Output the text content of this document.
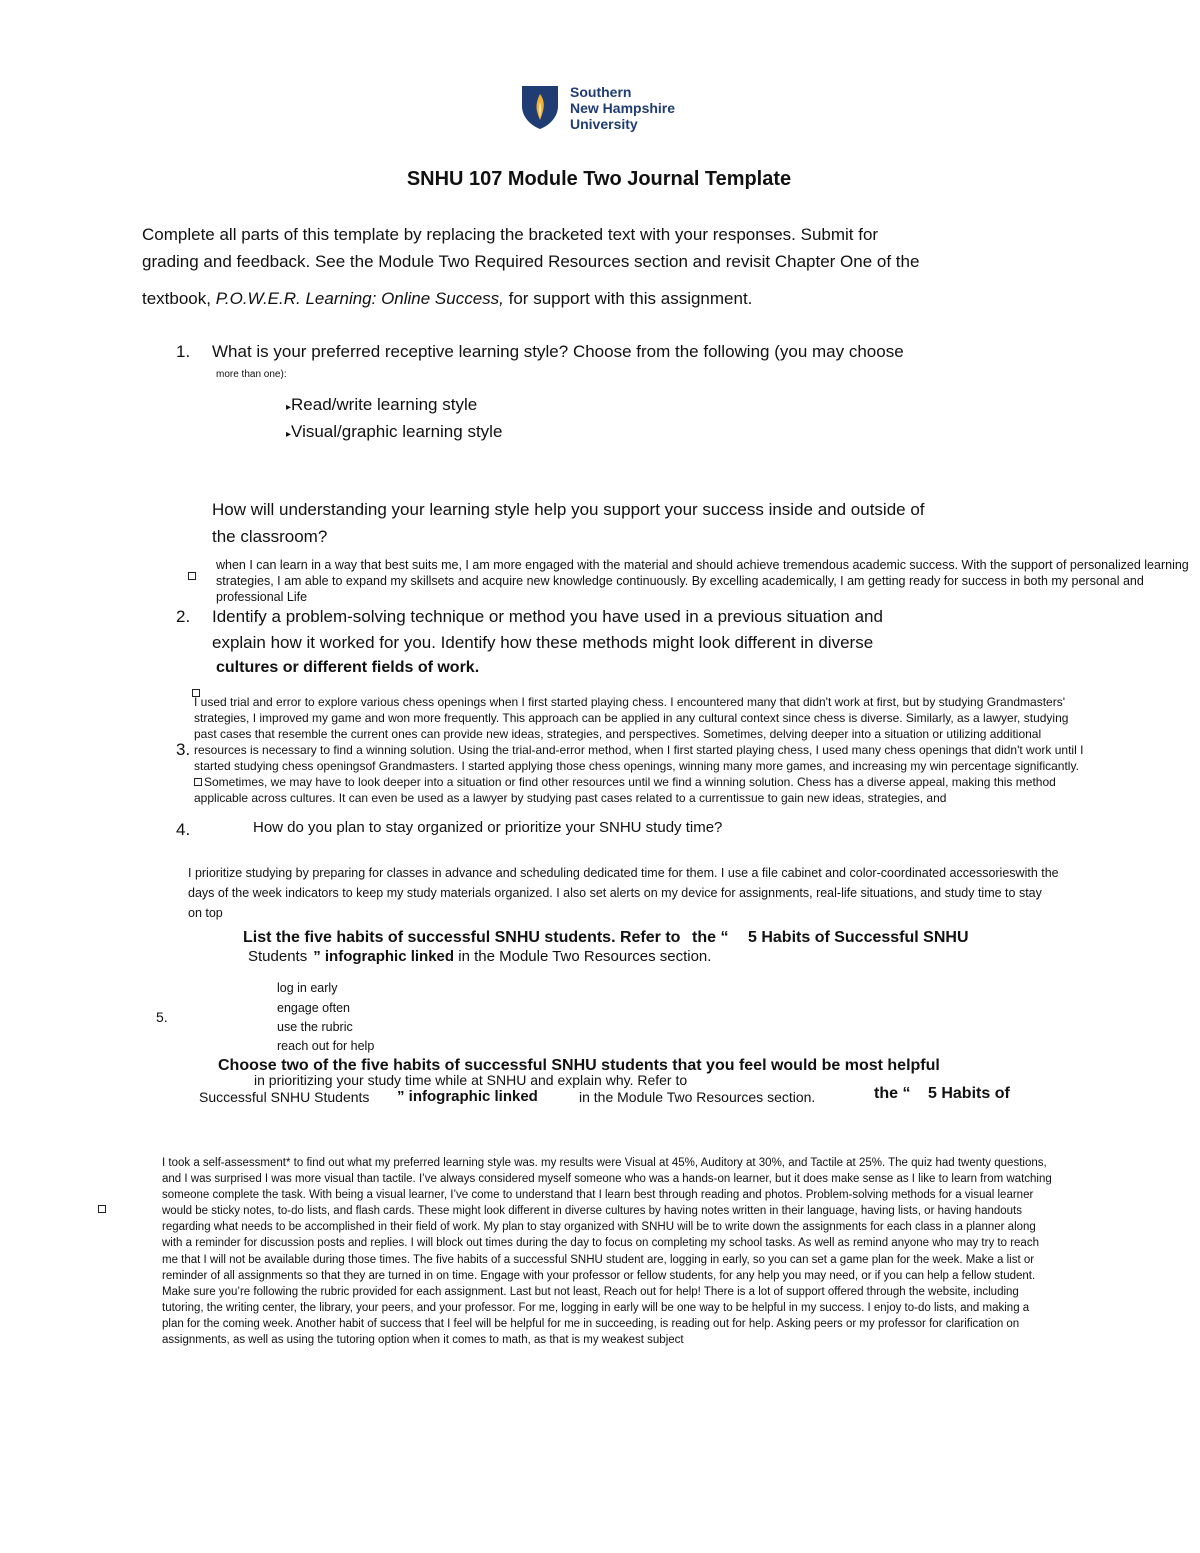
Southern
New Hampshire
University
SNHU 107 Module Two Journal Template
Complete all parts of this template by replacing the bracketed text with your responses. Submit for
grading and feedback. See the Module Two Required Resources section and revisit Chapter One of the
textbook, P.O.W.E.R. Learning: Online Success, for support with this assignment.
1. What is your preferred receptive learning style? Choose from the following (you may choose
more than one):
▸Read/write learning style
▸Visual/graphic learning style
How will understanding your learning style help you support your success inside and outside of
the classroom?
when I can learn in a way that best suits me, I am more engaged with the material and should achieve tremendous academic success. With the support of personalized learning strategies, I am able to expand my skillsets and acquire new knowledge continuously. By excelling academically, I am getting ready for success in both my personal and professional Life
2. Identify a problem-solving technique or method you have used in a previous situation and
explain how it worked for you. Identify how these methods might look different in diverse
cultures or different fields of work.
I used trial and error to explore various chess openings when I first started playing chess. I encountered many that didn't work at first, but by studying Grandmasters'
strategies, I improved my game and won more frequently. This approach can be applied in any cultural context since chess is diverse. Similarly, as a lawyer, studying
past cases that resemble the current ones can provide new ideas, strategies, and perspectives. Sometimes, delving deeper into a situation or utilizing additional
3. resources is necessary to find a winning solution. Using the trial-and-error method, when I first started playing chess, I used many chess openings that didn't work until I
started studying chess openingsof Grandmasters. I started applying those chess openings, winning many more games, and increasing my win percentage significantly.
Sometimes, we may have to look deeper into a situation or find other resources until we find a winning solution. Chess has a diverse appeal, making this method
applicable across cultures. It can even be used as a lawyer by studying past cases related to a currentissue to gain new ideas, strategies, and
4.	How do you plan to stay organized or prioritize your SNHU study time?
I prioritize studying by preparing for classes in advance and scheduling dedicated time for them. I use a file cabinet and color-coordinated accessorieswith the
days of the week indicators to keep my study materials organized. I also set alerts on my device for assignments, real-life situations, and study time to stay
on top
List the five habits of successful SNHU students. Refer to the “ 5 Habits of Successful SNHU
Students ” infographic linked in the Module Two Resources section.
log in early
engage often
5.
use the rubric
reach out for help
Choose two of the five habits of successful SNHU students that you feel would be most helpful
in prioritizing your study time while at SNHU and explain why. Refer to
Successful SNHU Students ” infographic linked	in the Module Two Resources section.	the “ 5 Habits of
I took a self-assessment* to find out what my preferred learning style was. my results were Visual at 45%, Auditory at 30%, and Tactile at 25%. The quiz had twenty questions,
and I was surprised I was more visual than tactile. I’ve always considered myself someone who was a hands-on learner, but it does make sense as I like to learn from watching
someone complete the task. With being a visual learner, I’ve come to understand that I learn best through reading and photos. Problem-solving methods for a visual learner
would be sticky notes, to-do lists, and flash cards. These might look different in diverse cultures by having notes written in their language, having lists, or having handouts
regarding what needs to be accomplished in their field of work. My plan to stay organized with SNHU will be to write down the assignments for each class in a planner along
with a reminder for discussion posts and replies. I will block out times during the day to focus on completing my school tasks. As well as remind anyone who may try to reach
me that I will not be available during those times. The five habits of a successful SNHU student are, logging in early, so you can set a game plan for the week. Make a list or
reminder of all assignments so that they are turned in on time. Engage with your professor or fellow students, for any help you may need, or if you can help a fellow student.
Make sure you’re following the rubric provided for each assignment. Last but not least, Reach out for help! There is a lot of support offered through the website, including
tutoring, the writing center, the library, your peers, and your professor. For me, logging in early will be one way to be helpful in my success. I enjoy to-do lists, and making a
plan for the coming week. Another habit of success that I feel will be helpful for me in succeeding, is reading out for help. Asking peers or my professor for clarification on
assignments, as well as using the tutoring option when it comes to math, as that is my weakest subject
